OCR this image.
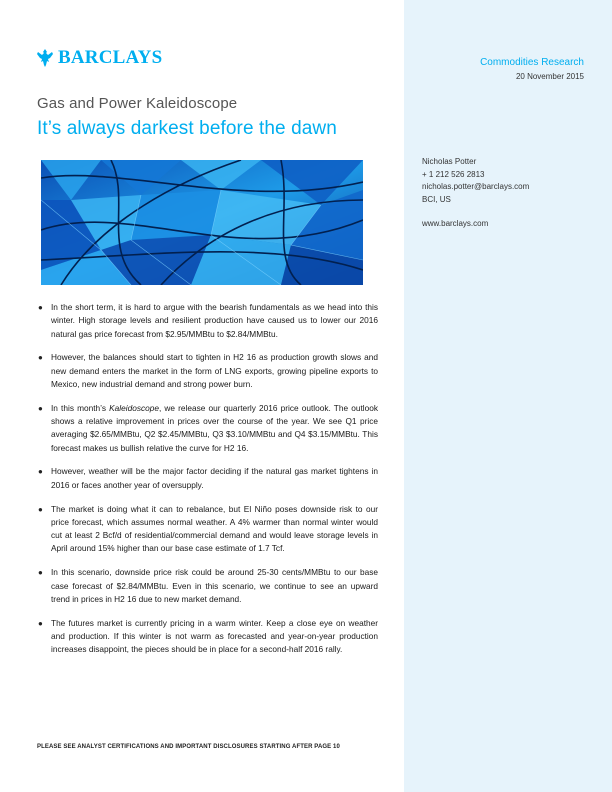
BARCLAYS	Commodities Research
20 November 2015
Gas and Power Kaleidoscope
It’s always darkest before the dawn
Nicholas Potter
+ 1 212 526 2813
nicholas.potter@barclays.com
BCI, US
www.barclays.com
● In the short term, it is hard to argue with the bearish fundamentals as we head into this winter. High storage levels and resilient production have caused us to lower our 2016 natural gas price forecast from $2.95/MMBtu to $2.84/MMBtu.
● However, the balances should start to tighten in H2 16 as production growth slows and new demand enters the market in the form of LNG exports, growing pipeline exports to Mexico, new industrial demand and strong power burn.
● In this month’s Kaleidoscope, we release our quarterly 2016 price outlook. The outlook shows a relative improvement in prices over the course of the year. We see Q1 price averaging $2.65/MMBtu, Q2 $2.45/MMBtu, Q3 $3.10/MMBtu and Q4 $3.15/MMBtu. This forecast makes us bullish relative the curve for H2 16.
● However, weather will be the major factor deciding if the natural gas market tightens in 2016 or faces another year of oversupply.
● The market is doing what it can to rebalance, but El Niño poses downside risk to our price forecast, which assumes normal weather. A 4% warmer than normal winter would cut at least 2 Bcf/d of residential/commercial demand and would leave storage levels in April around 15% higher than our base case estimate of 1.7 Tcf.
● In this scenario, downside price risk could be around 25-30 cents/MMBtu to our base case forecast of $2.84/MMBtu. Even in this scenario, we continue to see an upward trend in prices in H2 16 due to new market demand.
● The futures market is currently pricing in a warm winter. Keep a close eye on weather and production. If this winter is not warm as forecasted and year-on-year production increases disappoint, the pieces should be in place for a second-half 2016 rally.
PLEASE SEE ANALYST CERTIFICATIONS AND IMPORTANT DISCLOSURES STARTING AFTER PAGE 10
